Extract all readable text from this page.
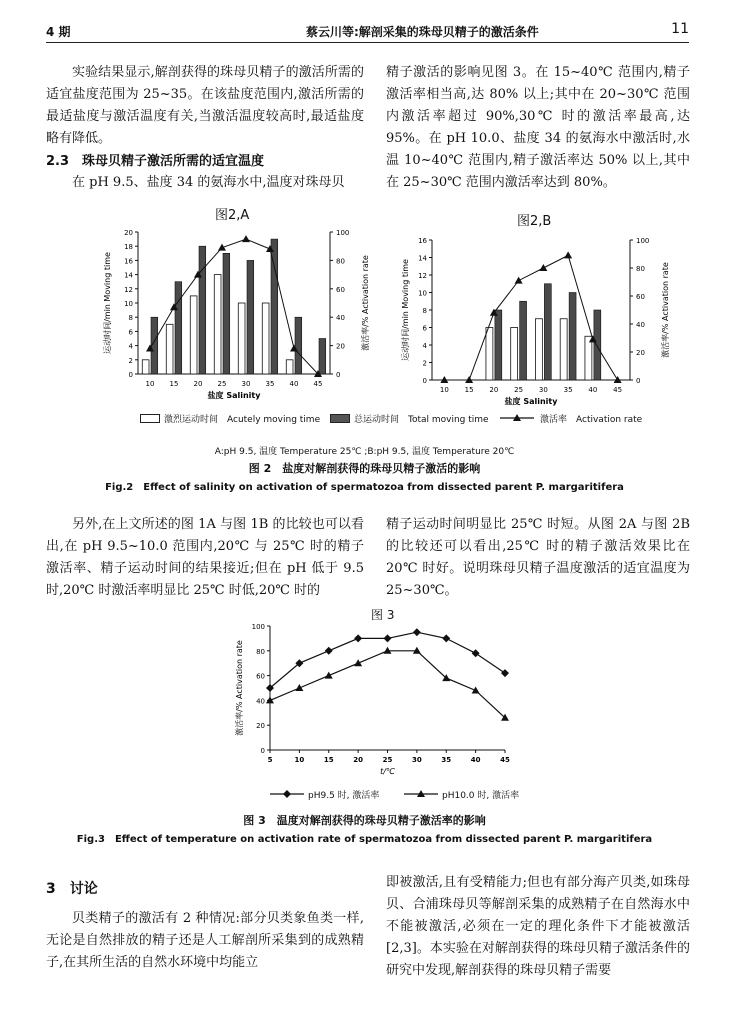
4 期	蔡云川等:解剖采集的珠母贝精子的激活条件	11
实验结果显示,解剖获得的珠母贝精子的激活所需的适宜盐度范围为 25~35。在该盐度范围内,激活所需的最适盐度与激活温度有关,当激活温度较高时,最适盐度略有降低。
2.3　珠母贝精子激活所需的适宜温度
在 pH 9.5、盐度 34 的氨海水中,温度对珠母贝
精子激活的影响见图 3。在 15~40℃ 范围内,精子激活率相当高,达 80% 以上;其中在 20~30℃ 范围内激活率超过 90%,30℃ 时的激活率最高,达 95%。在 pH 10.0、盐度 34 的氨海水中激活时,水温 10~40℃ 范围内,精子激活率达 50% 以上,其中在 25~30℃ 范围内激活率达到 80%。
图2,A
0
2
4
6
8
10
12
14
16
18
20
0
20
40
60
80
100
10 15 20 25 30 35 40 45
盐度 Salinity
运动时间/min Moving time	激活率/% Activation rate
图2,B
0
2
4
6
8
10
12
14
16
0
20
40
60
80
100
10 15 20 25 30 35 40 45
盐度 Salinity
运动时间/min Moving time	激活率/% Activation rate
激烈运动时间　Acutely moving time	总运动时间　Total moving time	激活率　Activation rate
A:pH 9.5, 温度 Temperature 25℃ ;B:pH 9.5, 温度 Temperature 20℃
图 2　盐度对解剖获得的珠母贝精子激活的影响
Fig.2　Effect of salinity on activation of spermatozoa from dissected parent P. margaritifera
另外,在上文所述的图 1A 与图 1B 的比较也可以看出,在 pH 9.5~10.0 范围内,20℃ 与 25℃ 时的精子激活率、精子运动时间的结果接近;但在 pH 低于 9.5 时,20℃ 时激活率明显比 25℃ 时低,20℃ 时的
精子运动时间明显比 25℃ 时短。从图 2A 与图 2B 的比较还可以看出,25℃ 时的精子激活效果比在 20℃ 时好。说明珠母贝精子温度激活的适宜温度为 25~30℃。
图 3
0
20
40
60
80
100
5	10	15	20	25	30	35	40	45
t/℃
激活率/% Activation rate
pH9.5 时, 激活率	pH10.0 时, 激活率
图 3　温度对解剖获得的珠母贝精子激活率的影响
Fig.3　Effect of temperature on activation rate of spermatozoa from dissected parent P. margaritifera
3　讨论
贝类精子的激活有 2 种情况:部分贝类象鱼类一样,无论是自然排放的精子还是人工解剖所采集到的成熟精子,在其所生活的自然水环境中均能立
即被激活,且有受精能力;但也有部分海产贝类,如珠母贝、合浦珠母贝等解剖采集的成熟精子在自然海水中不能被激活,必须在一定的理化条件下才能被激活[2,3]。本实验在对解剖获得的珠母贝精子激活条件的研究中发现,解剖获得的珠母贝精子需要
